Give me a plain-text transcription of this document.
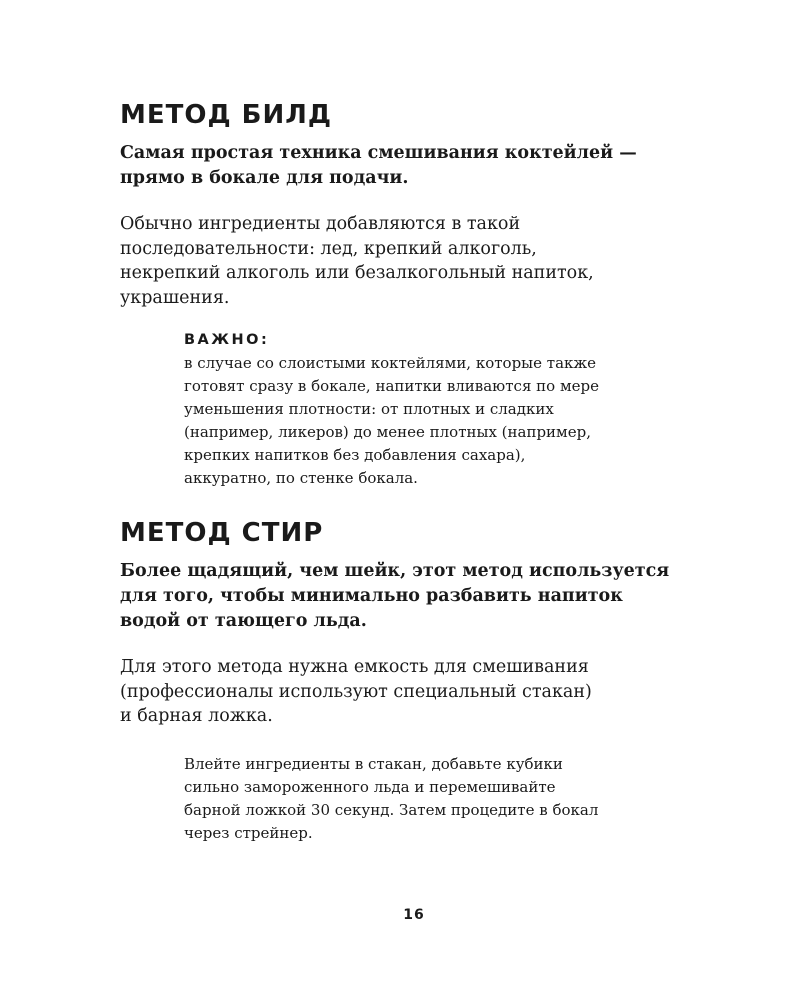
МЕТОД БИЛД

Самая простая техника смешивания коктейлей —
прямо в бокале для подачи.

Обычно ингредиенты добавляются в такой
последовательности: лед, крепкий алкоголь,
некрепкий алкоголь или безалкогольный напиток,
украшения.

ВАЖНО:

в случае со слоистыми коктейлями, которые также
готовят сразу в бокале, напитки вливаются по мере
уменьшения плотности: от плотных и сладких
(например, ликеров) до менее плотных (например,
крепких напитков без добавления сахара),
аккуратно, по стенке бокала.

МЕТОД СТИР

Более щадящий, чем шейк, этот метод используется
для того, чтобы минимально разбавить напиток
водой от тающего льда.

Для этого метода нужна емкость для смешивания
(профессионалы используют специальный стакан)
и барная ложка.

Влейте ингредиенты в стакан, добавьте кубики
сильно замороженного льда и перемешивайте
барной ложкой 30 секунд. Затем процедите в бокал
через стрейнер.

16
